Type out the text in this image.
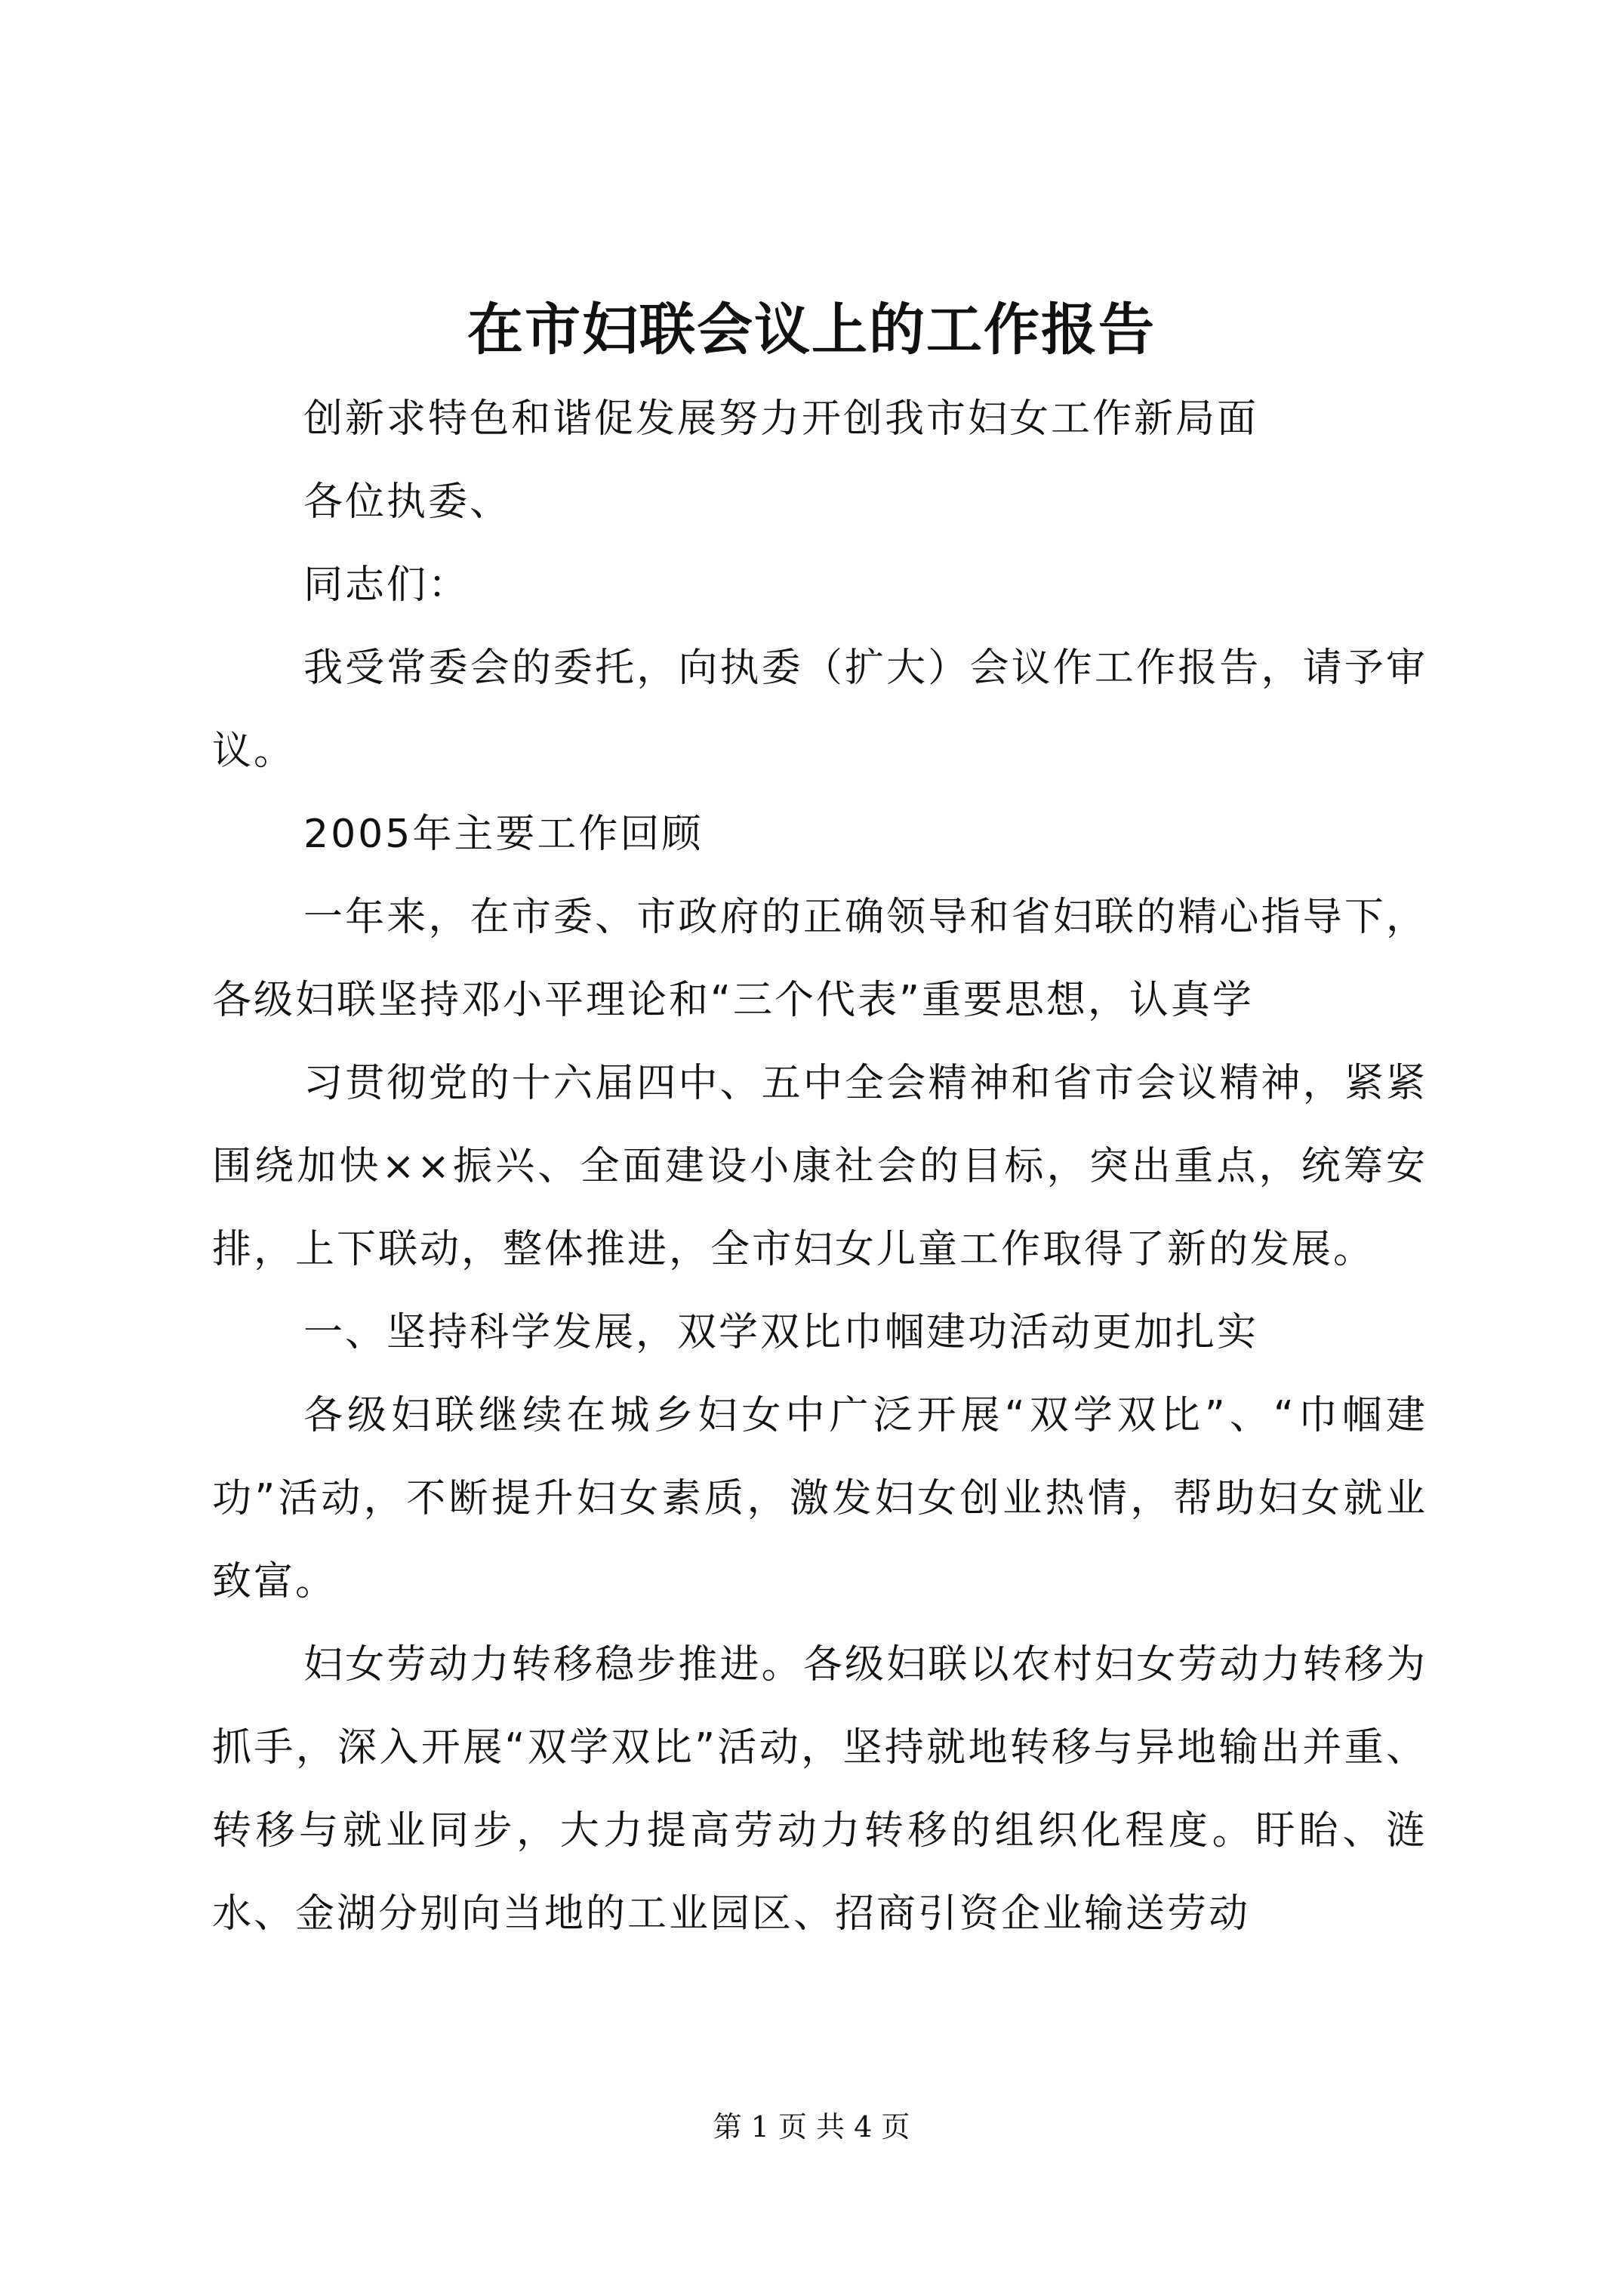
在市妇联会议上的工作报告

创新求特色和谐促发展努力开创我市妇女工作新局面

各位执委、

同志们：

我受常委会的委托，向执委（扩大）会议作工作报告，请予审议。

2005年主要工作回顾

一年来，在市委、市政府的正确领导和省妇联的精心指导下，各级妇联坚持邓小平理论和“三个代表”重要思想，认真学

习贯彻党的十六届四中、五中全会精神和省市会议精神，紧紧围绕加快××振兴、全面建设小康社会的目标，突出重点，统筹安排，上下联动，整体推进，全市妇女儿童工作取得了新的发展。

一、坚持科学发展，双学双比巾帼建功活动更加扎实

各级妇联继续在城乡妇女中广泛开展“双学双比”、“巾帼建功”活动，不断提升妇女素质，激发妇女创业热情，帮助妇女就业致富。

妇女劳动力转移稳步推进。各级妇联以农村妇女劳动力转移为抓手，深入开展“双学双比”活动，坚持就地转移与异地输出并重、转移与就业同步，大力提高劳动力转移的组织化程度。盱眙、涟水、金湖分别向当地的工业园区、招商引资企业输送劳动

第 1 页 共 4 页
